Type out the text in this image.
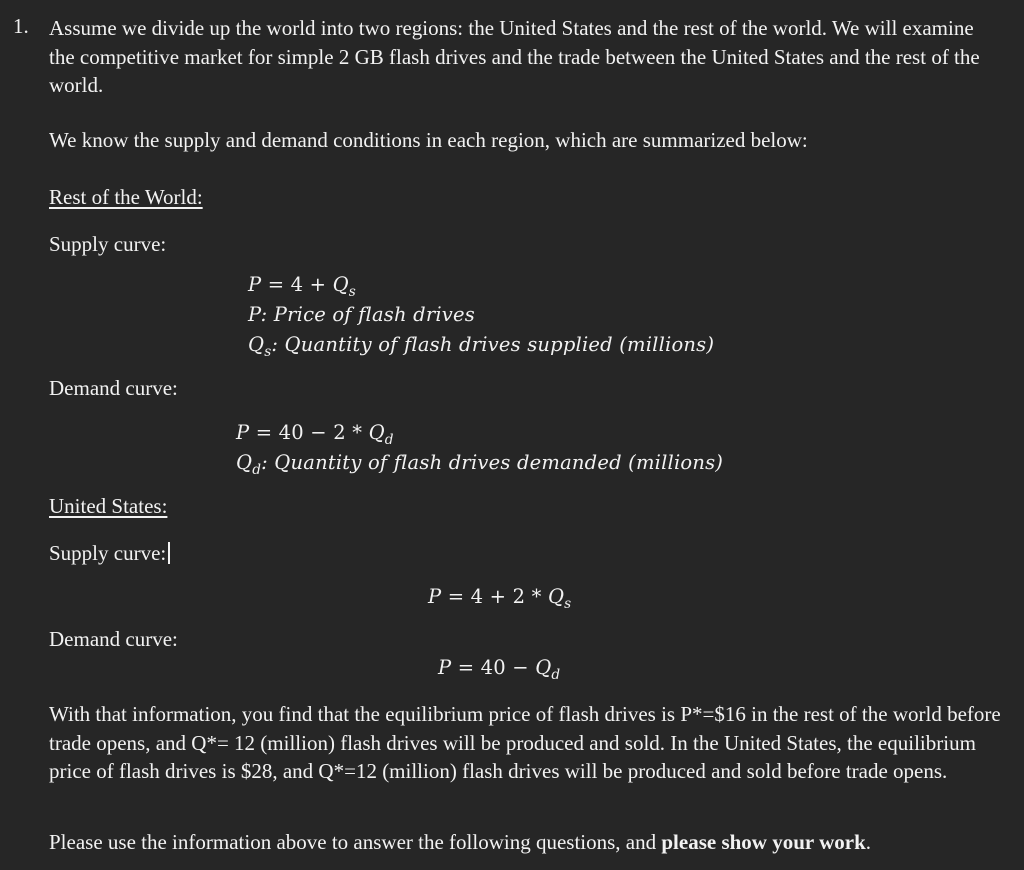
1. Assume we divide up the world into two regions: the United States and the rest of the world. We will examine the competitive market for simple 2 GB flash drives and the trade between the United States and the rest of the world.
We know the supply and demand conditions in each region, which are summarized below:
Rest of the World:
Supply curve:
$P = 4 + Q_s$
P: Price of flash drives
$Q_s$: Quantity of flash drives supplied (millions)
Demand curve:
$P = 40 - 2 * Q_d$
$Q_d$: Quantity of flash drives demanded (millions)
United States:
Supply curve:
$P = 4 + 2 * Q_s$
Demand curve:
$P = 40 - Q_d$
With that information, you find that the equilibrium price of flash drives is P*=$16 in the rest of the world before trade opens, and Q*= 12 (million) flash drives will be produced and sold. In the United States, the equilibrium price of flash drives is $28, and Q*=12 (million) flash drives will be produced and sold before trade opens.
Please use the information above to answer the following questions, and please show your work.
